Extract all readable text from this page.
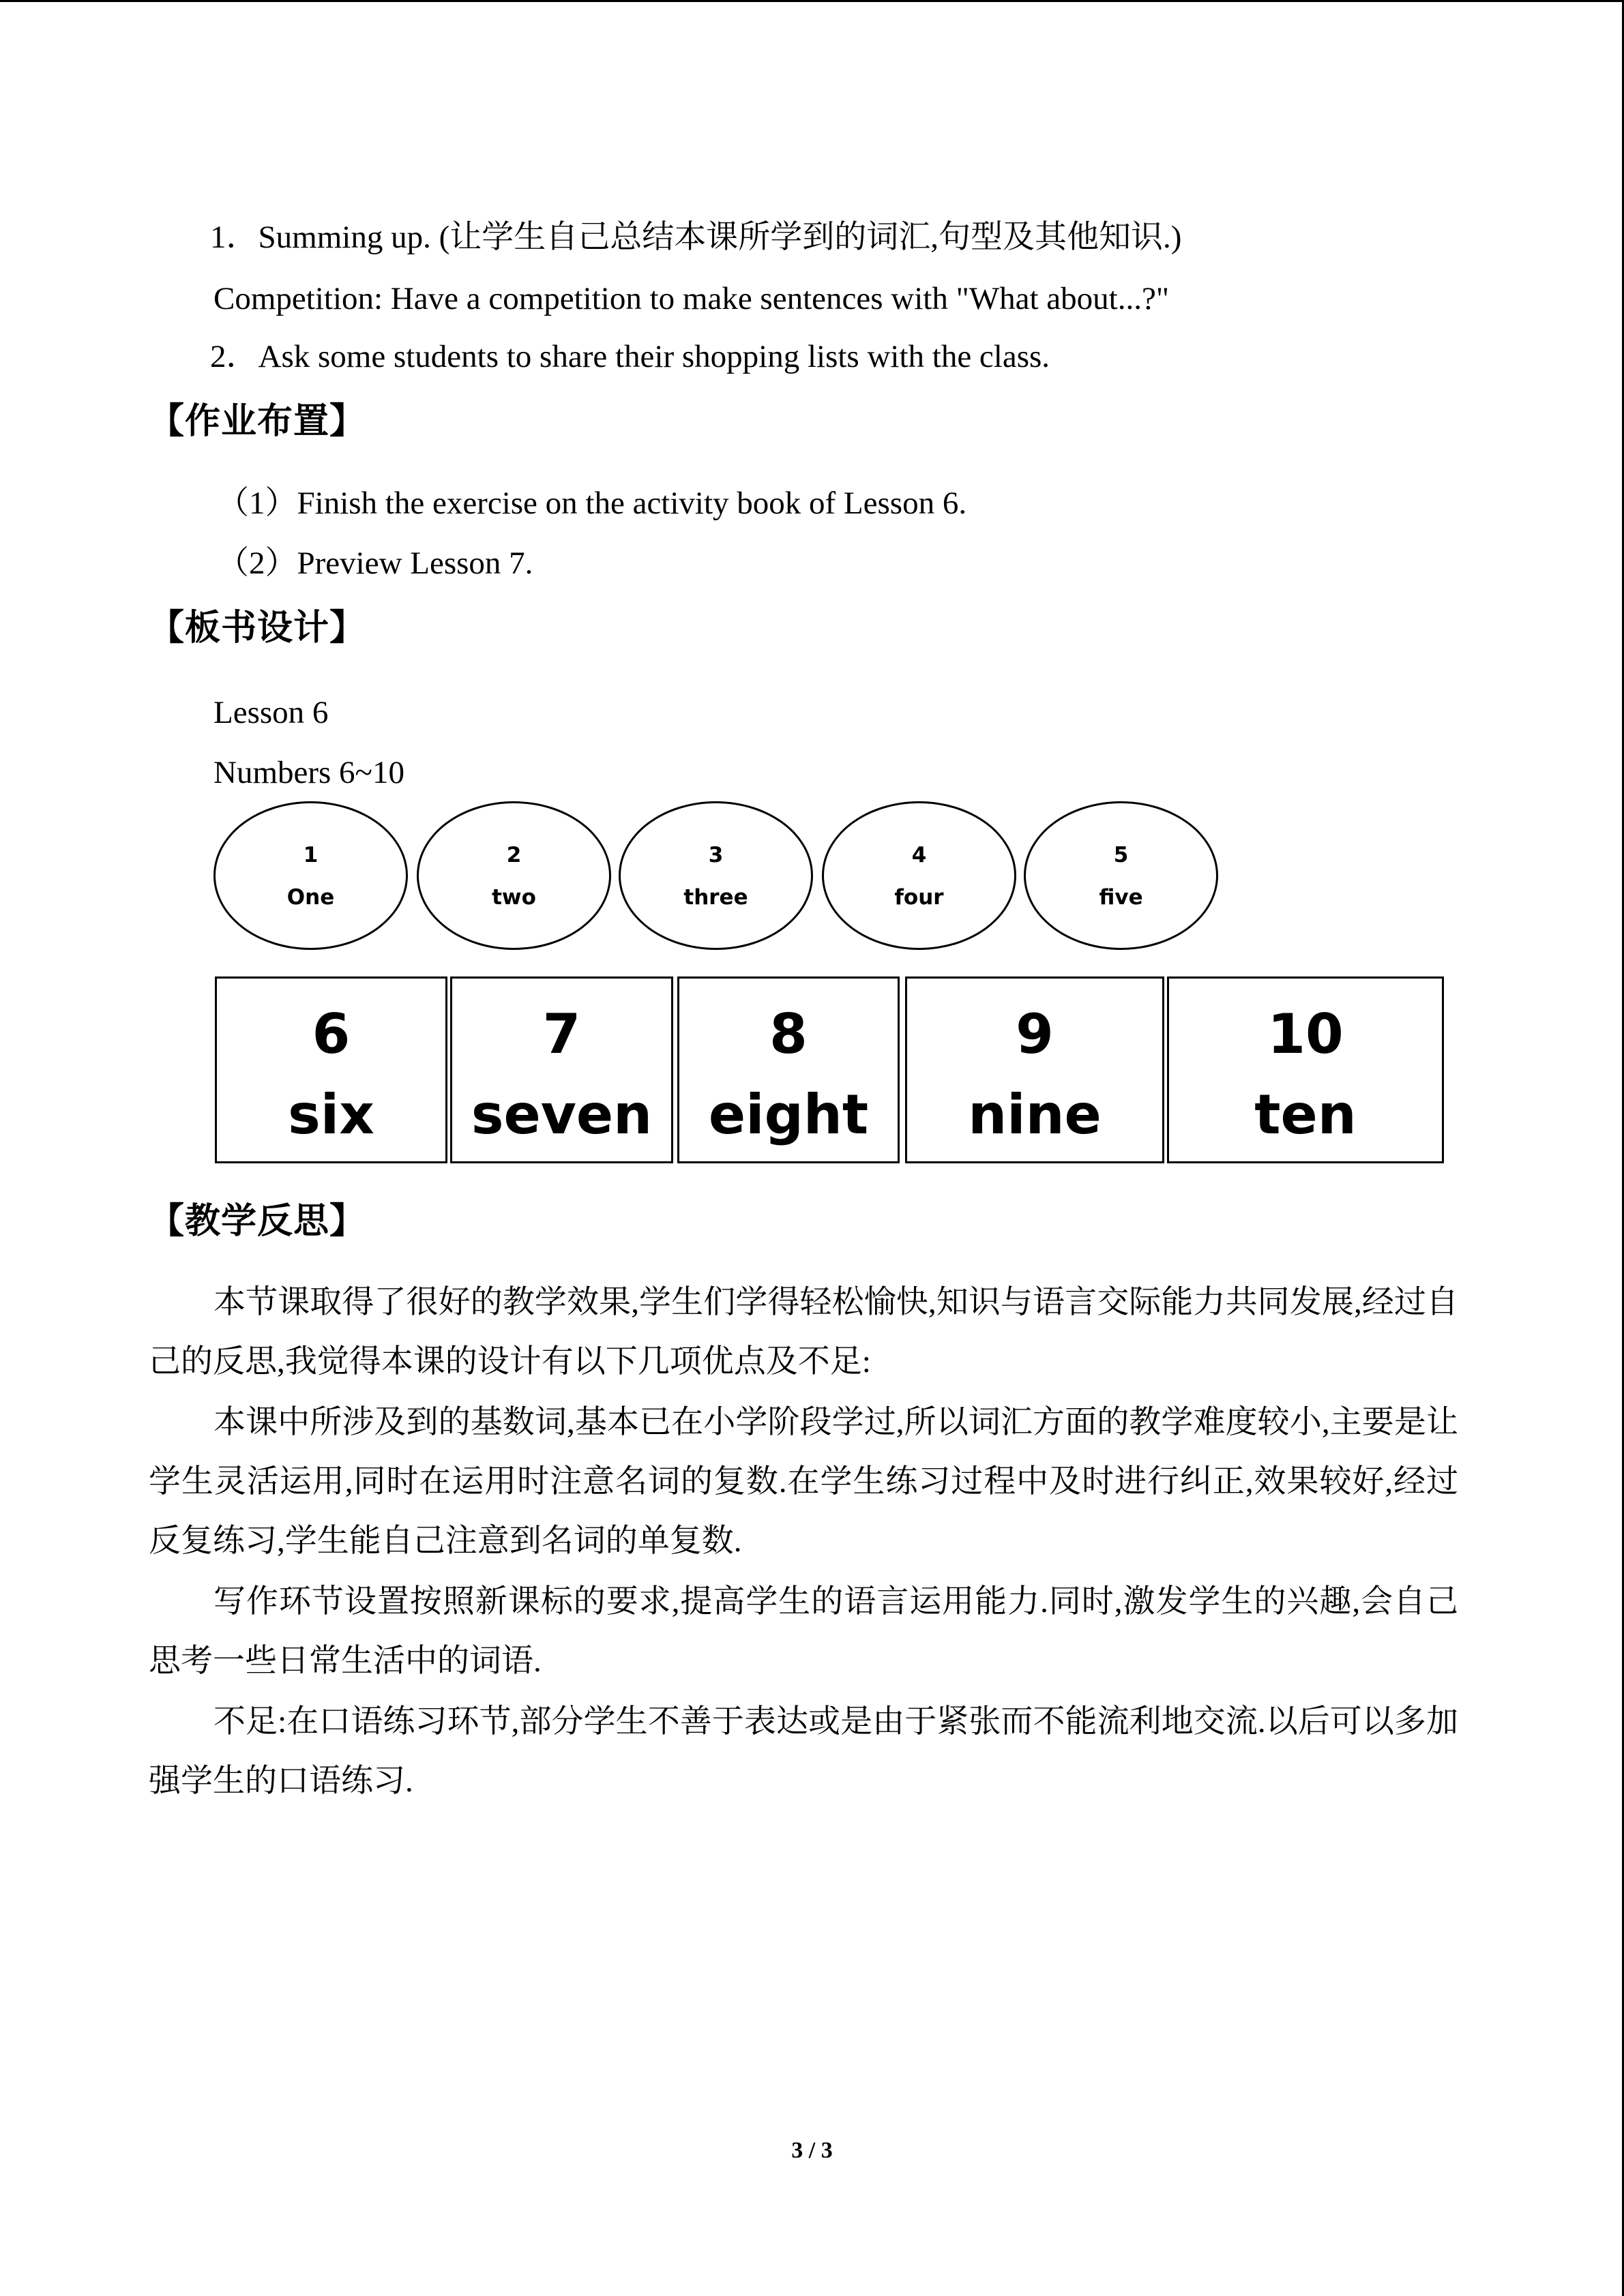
1．Summing up. (让学生自己总结本课所学到的词汇,句型及其他知识.)
Competition: Have a competition to make sentences with "What about...?"
2．Ask some students to share their shopping lists with the class.
【作业布置】
（1）Finish the exercise on the activity book of Lesson 6.
（2）Preview Lesson 7.
【板书设计】
Lesson 6
Numbers 6~10
1
One
2
two
3
three
4
four
5
five
6
six
7
seven
8
eight
9
nine
10
ten
【教学反思】
本节课取得了很好的教学效果,学生们学得轻松愉快,知识与语言交际能力共同发展,经过自己的反思,我觉得本课的设计有以下几项优点及不足:
本课中所涉及到的基数词,基本已在小学阶段学过,所以词汇方面的教学难度较小,主要是让学生灵活运用,同时在运用时注意名词的复数.在学生练习过程中及时进行纠正,效果较好,经过反复练习,学生能自己注意到名词的单复数.
写作环节设置按照新课标的要求,提高学生的语言运用能力.同时,激发学生的兴趣,会自己思考一些日常生活中的词语.
不足:在口语练习环节,部分学生不善于表达或是由于紧张而不能流利地交流.以后可以多加强学生的口语练习.
3 / 3
